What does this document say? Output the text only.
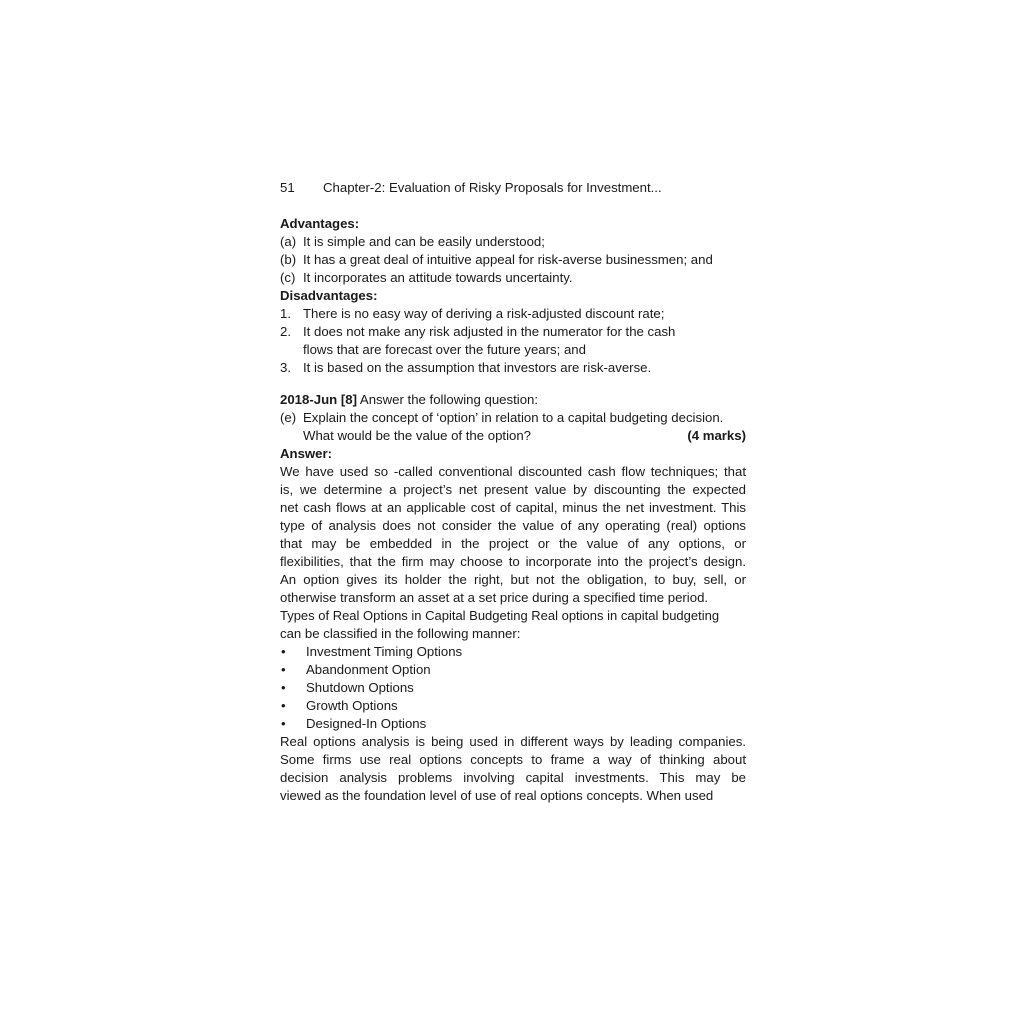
51	Chapter-2: Evaluation of Risky Proposals for Investment...
Advantages:
(a) It is simple and can be easily understood;
(b) It has a great deal of intuitive appeal for risk-averse businessmen; and
(c) It incorporates an attitude towards uncertainty.
Disadvantages:
1. There is no easy way of deriving a risk-adjusted discount rate;
2. It does not make any risk adjusted in the numerator for the cash flows that are forecast over the future years; and
3. It is based on the assumption that investors are risk-averse.
2018-Jun [8] Answer the following question:
(e) Explain the concept of ‘option’ in relation to a capital budgeting decision.
What would be the value of the option?	(4 marks)
Answer:
We have used so -called conventional discounted cash flow techniques; that is, we determine a project’s net present value by discounting the expected net cash flows at an applicable cost of capital, minus the net investment. This type of analysis does not consider the value of any operating (real) options that may be embedded in the project or the value of any options, or flexibilities, that the firm may choose to incorporate into the project’s design. An option gives its holder the right, but not the obligation, to buy, sell, or otherwise transform an asset at a set price during a specified time period.
Types of Real Options in Capital Budgeting Real options in capital budgeting
can be classified in the following manner:
•	Investment Timing Options
•	Abandonment Option
•	Shutdown Options
•	Growth Options
•	Designed-In Options
Real options analysis is being used in different ways by leading companies. Some firms use real options concepts to frame a way of thinking about decision analysis problems involving capital investments. This may be viewed as the foundation level of use of real options concepts. When used
